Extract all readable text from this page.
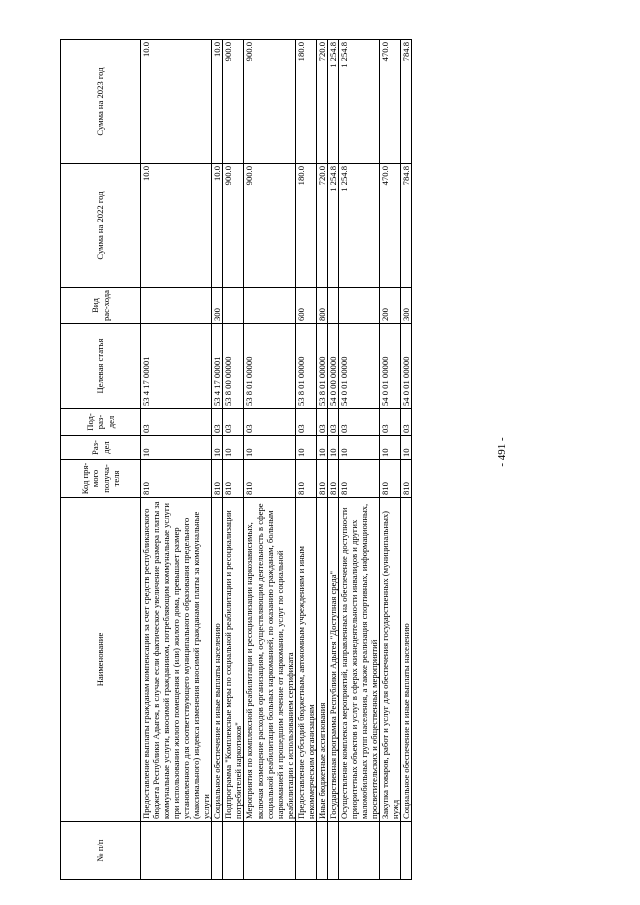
- 491 -
№ п/п	Наименование	Код пря-мого получа-теля	Раз-дел	Под-раз-дел	Целевая статья	Вид рас-хода	Сумма на 2022 год	Сумма на 2023 год
	Предоставление выплаты гражданам компенсации за счет средств республиканского бюджета Республики Адыгея, в случае если фактическое увеличение размера платы за коммунальные услуги, вносимой гражданином, потребляющим коммунальные услуги при использовании жилого помещения и (или) жилого дома, превышает размер установленного для соответствующего муниципального образования предельного (максимального) индекса изменения вносимой гражданами платы за коммунальные услуги	810	10	03	53 4 17 00001		10.0	10.0
	Социальное обеспечение и иные выплаты населению	810	10	03	53 4 17 00001	300	10.0	10.0
	Подпрограмма "Комплексные меры по социальной реабилитации и ресоциализации потребителей наркотиков"	810	10	03	53 8 00 00000		900.0	900.0
	Мероприятия по комплексной реабилитации и ресоциализации наркозависимых, включая возмещение расходов организациям, осуществляющим деятельность в сфере социальной реабилитации больных наркоманией, по оказанию гражданам, больным наркоманией и прошедшим лечение от наркомании, услуг по социальной реабилитации с использованием сертификата	810	10	03	53 8 01 00000		900.0	900.0
	Предоставление субсидий бюджетным, автономным учреждениям и иным некоммерческим организациям	810	10	03	53 8 01 00000	600	180.0	180.0
	Иные бюджетные ассигнования	810	10	03	53 8 01 00000	800	720.0	720.0
	Государственная программа Республики Адыгея "Доступная среда"	810	10	03	54 0 00 00000		1 254.8	1 254.8
	Осуществление комплекса мероприятий, направленных на обеспечение доступности приоритетных объектов и услуг в сферах жизнедеятельности инвалидов и других маломобильных групп населения, а также реализация спортивных, информационных, просветительских и общественных мероприятий	810	10	03	54 0 01 00000		1 254.8	1 254.8
	Закупка товаров, работ и услуг для обеспечения государственных (муниципальных) нужд	810	10	03	54 0 01 00000	200	470.0	470.0
	Социальное обеспечение и иные выплаты населению	810	10	03	54 0 01 00000	300	784.8	784.8
